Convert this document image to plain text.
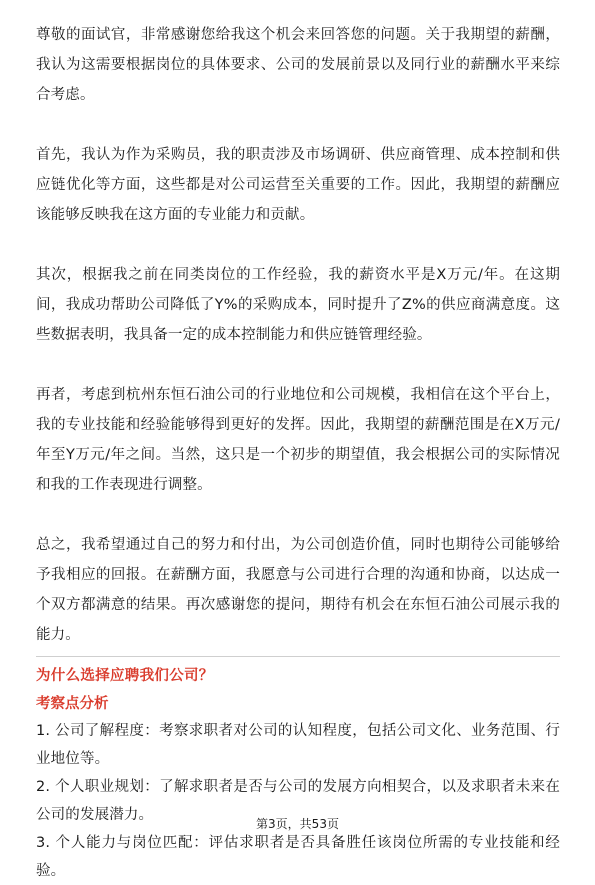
尊敬的面试官，非常感谢您给我这个机会来回答您的问题。关于我期望的薪酬，我认为这需要根据岗位的具体要求、公司的发展前景以及同行业的薪酬水平来综合考虑。

首先，我认为作为采购员，我的职责涉及市场调研、供应商管理、成本控制和供应链优化等方面，这些都是对公司运营至关重要的工作。因此，我期望的薪酬应该能够反映我在这方面的专业能力和贡献。

其次，根据我之前在同类岗位的工作经验，我的薪资水平是X万元/年。在这期间，我成功帮助公司降低了Y%的采购成本，同时提升了Z%的供应商满意度。这些数据表明，我具备一定的成本控制能力和供应链管理经验。

再者，考虑到杭州东恒石油公司的行业地位和公司规模，我相信在这个平台上，我的专业技能和经验能够得到更好的发挥。因此，我期望的薪酬范围是在X万元/年至Y万元/年之间。当然，这只是一个初步的期望值，我会根据公司的实际情况和我的工作表现进行调整。

总之，我希望通过自己的努力和付出，为公司创造价值，同时也期待公司能够给予我相应的回报。在薪酬方面，我愿意与公司进行合理的沟通和协商，以达成一个双方都满意的结果。再次感谢您的提问，期待有机会在东恒石油公司展示我的能力。

为什么选择应聘我们公司？
考察点分析

1. 公司了解程度：考察求职者对公司的认知程度，包括公司文化、业务范围、行业地位等。

2. 个人职业规划：了解求职者是否与公司的发展方向相契合，以及求职者未来在公司的发展潜力。

3. 个人能力与岗位匹配：评估求职者是否具备胜任该岗位所需的专业技能和经验。

第3页，共53页
